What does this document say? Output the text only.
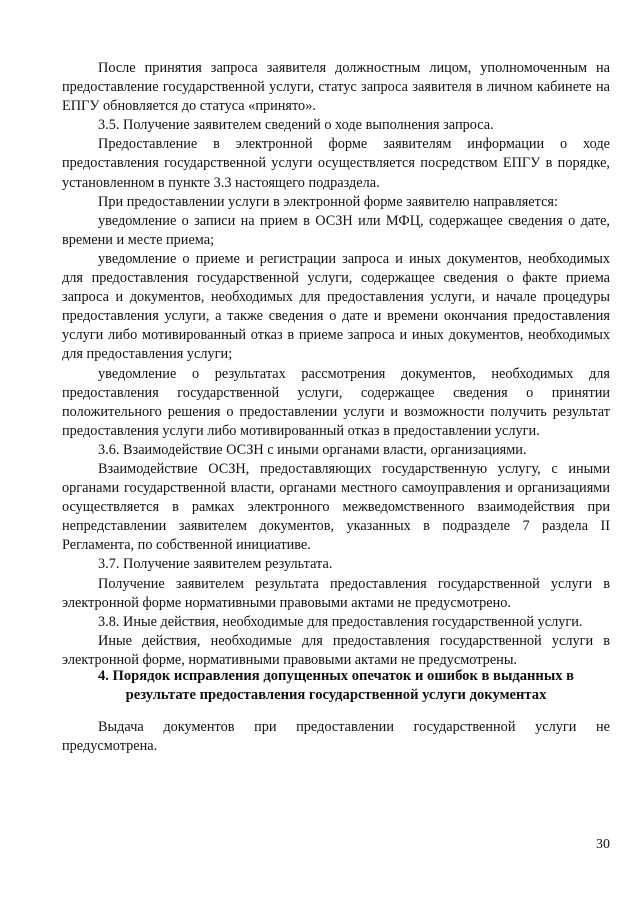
После принятия запроса заявителя должностным лицом, уполномоченным на предоставление государственной услуги, статус запроса заявителя в личном кабинете на ЕПГУ обновляется до статуса «принято».

3.5. Получение заявителем сведений о ходе выполнения запроса.

Предоставление в электронной форме заявителям информации о ходе предоставления государственной услуги осуществляется посредством ЕПГУ в порядке, установленном в пункте 3.3 настоящего подраздела.

При предоставлении услуги в электронной форме заявителю направляется:

уведомление о записи на прием в ОСЗН или МФЦ, содержащее сведения о дате, времени и месте приема;

уведомление о приеме и регистрации запроса и иных документов, необходимых для предоставления государственной услуги, содержащее сведения о факте приема запроса и документов, необходимых для предоставления услуги, и начале процедуры предоставления услуги, а также сведения о дате и времени окончания предоставления услуги либо мотивированный отказ в приеме запроса и иных документов, необходимых для предоставления услуги;

уведомление о результатах рассмотрения документов, необходимых для предоставления государственной услуги, содержащее сведения о принятии положительного решения о предоставлении услуги и возможности получить результат предоставления услуги либо мотивированный отказ в предоставлении услуги.

3.6. Взаимодействие ОСЗН с иными органами власти, организациями.

Взаимодействие ОСЗН, предоставляющих государственную услугу, с иными органами государственной власти, органами местного самоуправления и организациями осуществляется в рамках электронного межведомственного взаимодействия при непредставлении заявителем документов, указанных в подразделе 7 раздела II Регламента, по собственной инициативе.

3.7. Получение заявителем результата.

Получение заявителем результата предоставления государственной услуги в электронной форме нормативными правовыми актами не предусмотрено.

3.8. Иные действия, необходимые для предоставления государственной услуги.

Иные действия, необходимые для предоставления государственной услуги в электронной форме, нормативными правовыми актами не предусмотрены.

4. Порядок исправления допущенных опечаток и ошибок в выданных в результате предоставления государственной услуги документах

Выдача документов при предоставлении государственной услуги не предусмотрена.

30
